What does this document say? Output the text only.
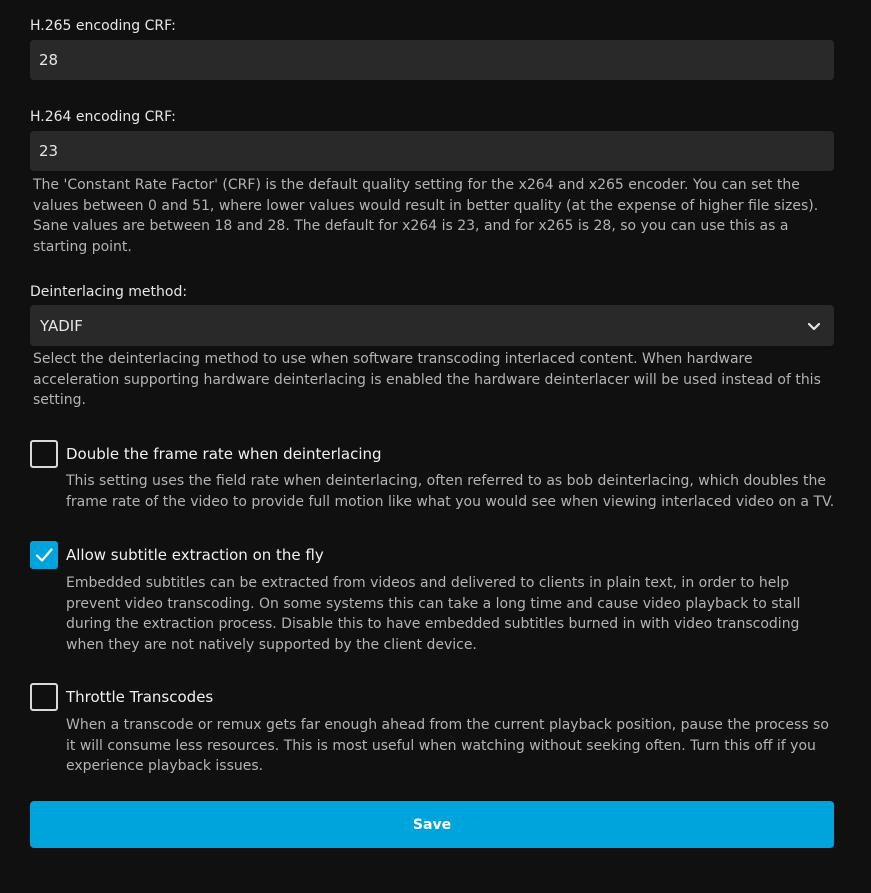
H.265 encoding CRF:
28
H.264 encoding CRF:
23
The 'Constant Rate Factor' (CRF) is the default quality setting for the x264 and x265 encoder. You can set the values between 0 and 51, where lower values would result in better quality (at the expense of higher file sizes). Sane values are between 18 and 28. The default for x264 is 23, and for x265 is 28, so you can use this as a starting point.
Deinterlacing method:
YADIF
Select the deinterlacing method to use when software transcoding interlaced content. When hardware acceleration supporting hardware deinterlacing is enabled the hardware deinterlacer will be used instead of this setting.
Double the frame rate when deinterlacing
This setting uses the field rate when deinterlacing, often referred to as bob deinterlacing, which doubles the frame rate of the video to provide full motion like what you would see when viewing interlaced video on a TV.
Allow subtitle extraction on the fly
Embedded subtitles can be extracted from videos and delivered to clients in plain text, in order to help prevent video transcoding. On some systems this can take a long time and cause video playback to stall during the extraction process. Disable this to have embedded subtitles burned in with video transcoding when they are not natively supported by the client device.
Throttle Transcodes
When a transcode or remux gets far enough ahead from the current playback position, pause the process so it will consume less resources. This is most useful when watching without seeking often. Turn this off if you experience playback issues.
Save
